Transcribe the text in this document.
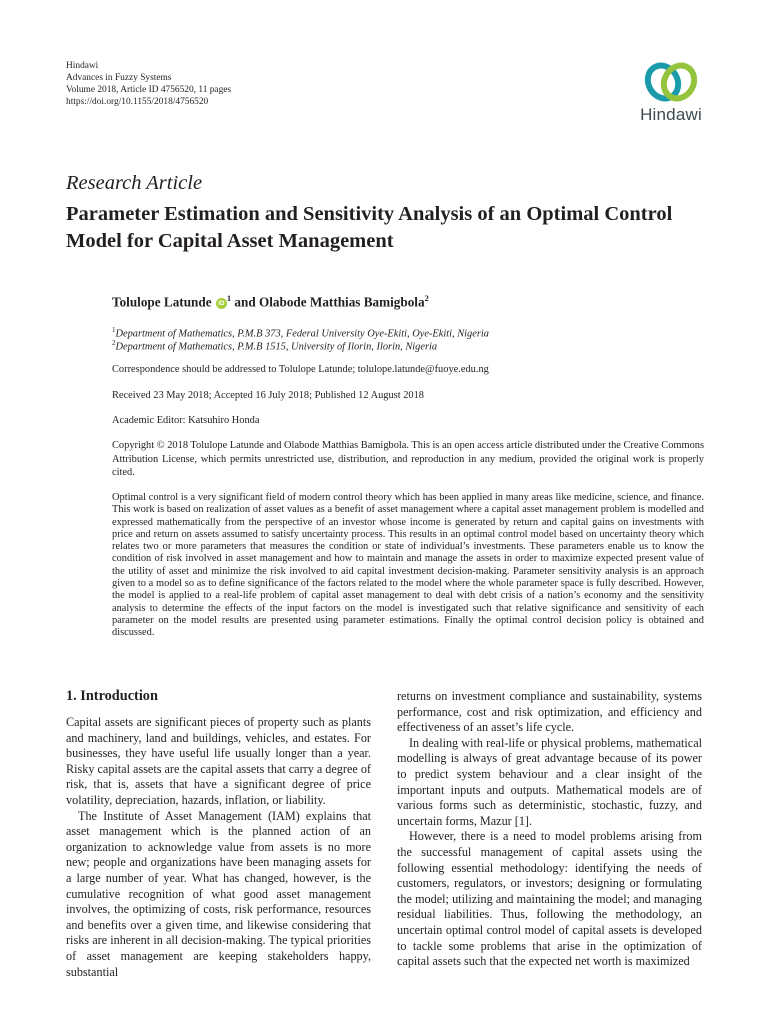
Hindawi
Advances in Fuzzy Systems
Volume 2018, Article ID 4756520, 11 pages
https://doi.org/10.1155/2018/4756520
Hindawi
Research Article
Parameter Estimation and Sensitivity Analysis of an Optimal Control Model for Capital Asset Management
Tolulope Latunde $iD^1$ and Olabode Matthias Bamigbola$^2$
$^1$Department of Mathematics, P.M.B 373, Federal University Oye-Ekiti, Oye-Ekiti, Nigeria
$^2$Department of Mathematics, P.M.B 1515, University of Ilorin, Ilorin, Nigeria
Correspondence should be addressed to Tolulope Latunde; tolulope.latunde@fuoye.edu.ng
Received 23 May 2018; Accepted 16 July 2018; Published 12 August 2018
Academic Editor: Katsuhiro Honda

Copyright © 2018 Tolulope Latunde and Olabode Matthias Bamigbola. This is an open access article distributed under the Creative Commons Attribution License, which permits unrestricted use, distribution, and reproduction in any medium, provided the original work is properly cited.

Optimal control is a very significant field of modern control theory which has been applied in many areas like medicine, science, and finance. This work is based on realization of asset values as a benefit of asset management where a capital asset management problem is modelled and expressed mathematically from the perspective of an investor whose income is generated by return and capital gains on investments with price and return on assets assumed to satisfy uncertainty process. This results in an optimal control model based on uncertainty theory which relates two or more parameters that measures the condition or state of individual’s investments. These parameters enable us to know the condition of risk involved in asset management and how to maintain and manage the assets in order to maximize expected present value of the utility of asset and minimize the risk involved to aid capital investment decision-making. Parameter sensitivity analysis is an approach given to a model so as to define significance of the factors related to the model where the whole parameter space is fully described. However, the model is applied to a real-life problem of capital asset management to deal with debt crisis of a nation’s economy and the sensitivity analysis to determine the effects of the input factors on the model is investigated such that relative significance and sensitivity of each parameter on the model results are presented using parameter estimations. Finally the optimal control decision policy is obtained and discussed.

1. Introduction

Capital assets are significant pieces of property such as plants and machinery, land and buildings, vehicles, and estates. For businesses, they have useful life usually longer than a year. Risky capital assets are the capital assets that carry a degree of risk, that is, assets that have a significant degree of price volatility, depreciation, hazards, inflation, or liability.

The Institute of Asset Management (IAM) explains that asset management which is the planned action of an organization to acknowledge value from assets is no more new; people and organizations have been managing assets for a large number of year. What has changed, however, is the cumulative recognition of what good asset management involves, the optimizing of costs, risk performance, resources and benefits over a given time, and likewise considering that risks are inherent in all decision-making. The typical priorities of asset management are keeping stakeholders happy, substantial

returns on investment compliance and sustainability, systems performance, cost and risk optimization, and efficiency and effectiveness of an asset’s life cycle.

In dealing with real-life or physical problems, mathematical modelling is always of great advantage because of its power to predict system behaviour and a clear insight of the important inputs and outputs. Mathematical models are of various forms such as deterministic, stochastic, fuzzy, and uncertain forms, Mazur [1].

However, there is a need to model problems arising from the successful management of capital assets using the following essential methodology: identifying the needs of customers, regulators, or investors; designing or formulating the model; utilizing and maintaining the model; and managing residual liabilities. Thus, following the methodology, an uncertain optimal control model of capital assets is developed to tackle some problems that arise in the optimization of capital assets such that the expected net worth is maximized
